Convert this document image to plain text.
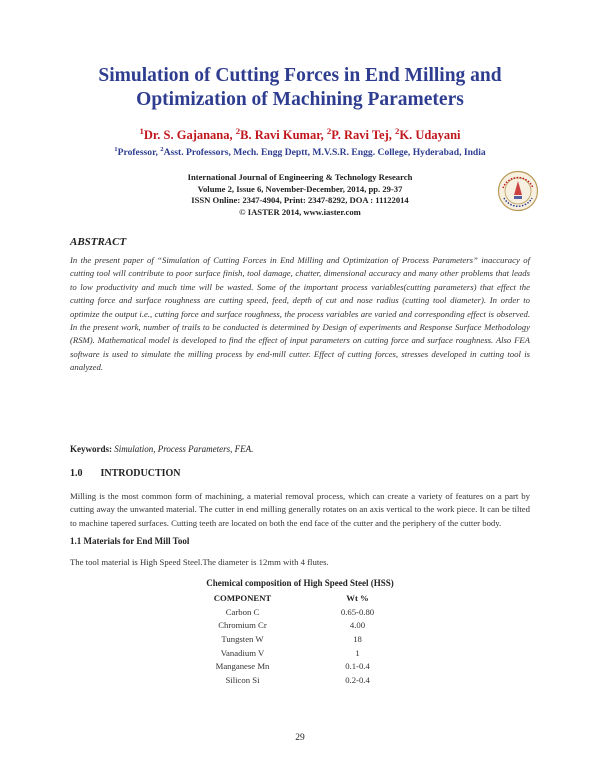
Simulation of Cutting Forces in End Milling and
Optimization of Machining Parameters
$^1$Dr. S. Gajanana, $^2$B. Ravi Kumar, $^2$P. Ravi Tej, $^2$K. Udayani
$^1$Professor, $^2$Asst. Professors, Mech. Engg Deptt, M.V.S.R. Engg. College, Hyderabad, India
International Journal of Engineering & Technology Research
Volume 2, Issue 6, November-December, 2014, pp. 29-37
ISSN Online: 2347-4904, Print: 2347-8292, DOA : 11122014
© IASTER 2014, www.iaster.com
ABSTRACT
In the present paper of “Simulation of Cutting Forces in End Milling and Optimization of Process Parameters” inaccuracy of cutting tool will contribute to poor surface finish, tool damage, chatter, dimensional accuracy and many other problems that leads to low productivity and much time will be wasted. Some of the important process variables(cutting parameters) that effect the cutting force and surface roughness are cutting speed, feed, depth of cut and nose radius (cutting tool diameter). In order to optimize the output i.e., cutting force and surface roughness, the process variables are varied and corresponding effect is observed. In the present work, number of trails to be conducted is determined by Design of experiments and Response Surface Methodology (RSM). Mathematical model is developed to find the effect of input parameters on cutting force and surface roughness. Also FEA software is used to simulate the milling process by end-mill cutter. Effect of cutting forces, stresses developed in cutting tool is analyzed.
Keywords: Simulation, Process Parameters, FEA.
1.0 INTRODUCTION
Milling is the most common form of machining, a material removal process, which can create a variety of features on a part by cutting away the unwanted material. The cutter in end milling generally rotates on an axis vertical to the work piece. It can be tilted to machine tapered surfaces. Cutting teeth are located on both the end face of the cutter and the periphery of the cutter body.
1.1 Materials for End Mill Tool
The tool material is High Speed Steel.The diameter is 12mm with 4 flutes.
Chemical composition of High Speed Steel (HSS)
COMPONENT	Wt %
Carbon C	0.65-0.80
Chromium Cr	4.00
Tungsten W	18
Vanadium V	1
Manganese Mn	0.1-0.4
Silicon Si	0.2-0.4
29
